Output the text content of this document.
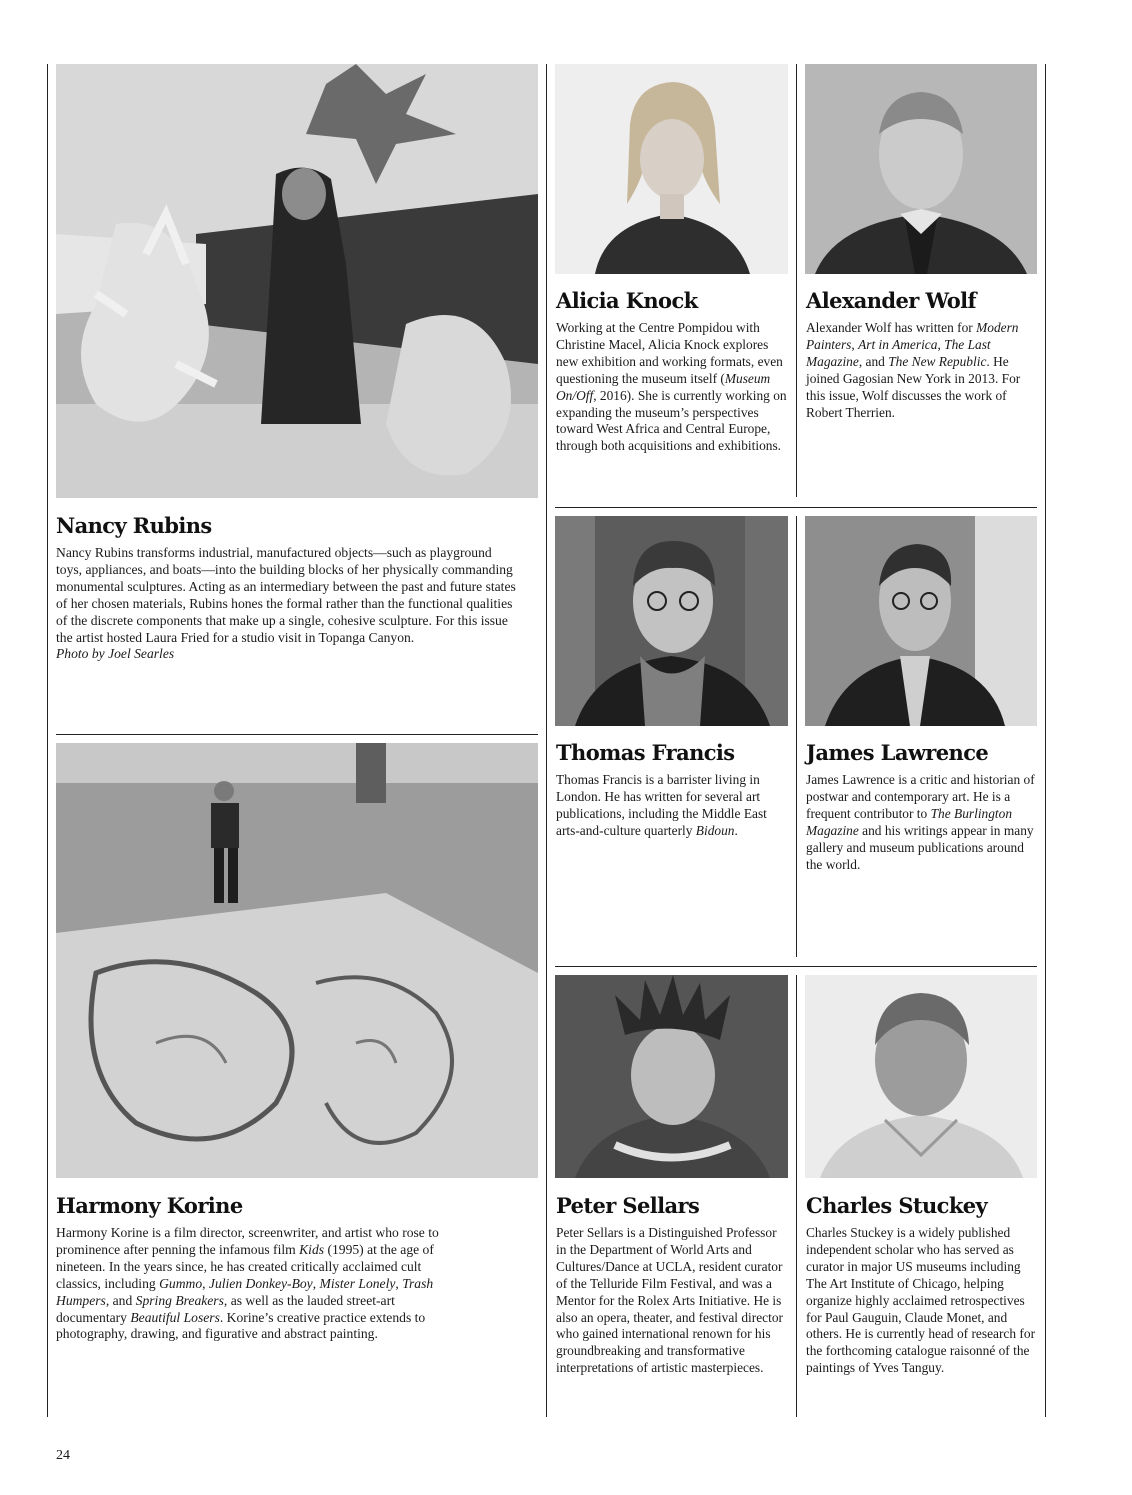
Nancy Rubins
Nancy Rubins transforms industrial, manufactured objects—such as playground toys, appliances, and boats—into the building blocks of her physically commanding monumental sculptures. Acting as an intermediary between the past and future states of her chosen materials, Rubins hones the formal rather than the functional qualities of the discrete components that make up a single, cohesive sculpture. For this issue the artist hosted Laura Fried for a studio visit in Topanga Canyon.
Photo by Joel Searles
Alicia Knock
Working at the Centre Pompidou with Christine Macel, Alicia Knock explores new exhibition and working formats, even questioning the museum itself (Museum On/Off, 2016). She is currently working on expanding the museum’s perspectives toward West Africa and Central Europe, through both acquisitions and exhibitions.
Alexander Wolf
Alexander Wolf has written for Modern Painters, Art in America, The Last Magazine, and The New Republic. He joined Gagosian New York in 2013. For this issue, Wolf discusses the work of Robert Therrien.
Thomas Francis
Thomas Francis is a barrister living in London. He has written for several art publications, including the Middle East arts-and-culture quarterly Bidoun.
James Lawrence
James Lawrence is a critic and historian of postwar and contemporary art. He is a frequent contributor to The Burlington Magazine and his writings appear in many gallery and museum publications around the world.
Harmony Korine
Harmony Korine is a film director, screenwriter, and artist who rose to prominence after penning the infamous film Kids (1995) at the age of nineteen. In the years since, he has created critically acclaimed cult classics, including Gummo, Julien Donkey-Boy, Mister Lonely, Trash Humpers, and Spring Breakers, as well as the lauded street-art documentary Beautiful Losers. Korine’s creative practice extends to photography, drawing, and figurative and abstract painting.
Peter Sellars
Peter Sellars is a Distinguished Professor in the Department of World Arts and Cultures/Dance at UCLA, resident curator of the Telluride Film Festival, and was a Mentor for the Rolex Arts Initiative. He is also an opera, theater, and festival director who gained international renown for his groundbreaking and transformative interpretations of artistic masterpieces.
Charles Stuckey
Charles Stuckey is a widely published independent scholar who has served as curator in major US museums including The Art Institute of Chicago, helping organize highly acclaimed retrospectives for Paul Gauguin, Claude Monet, and others. He is currently head of research for the forthcoming catalogue raisonné of the paintings of Yves Tanguy.
24
